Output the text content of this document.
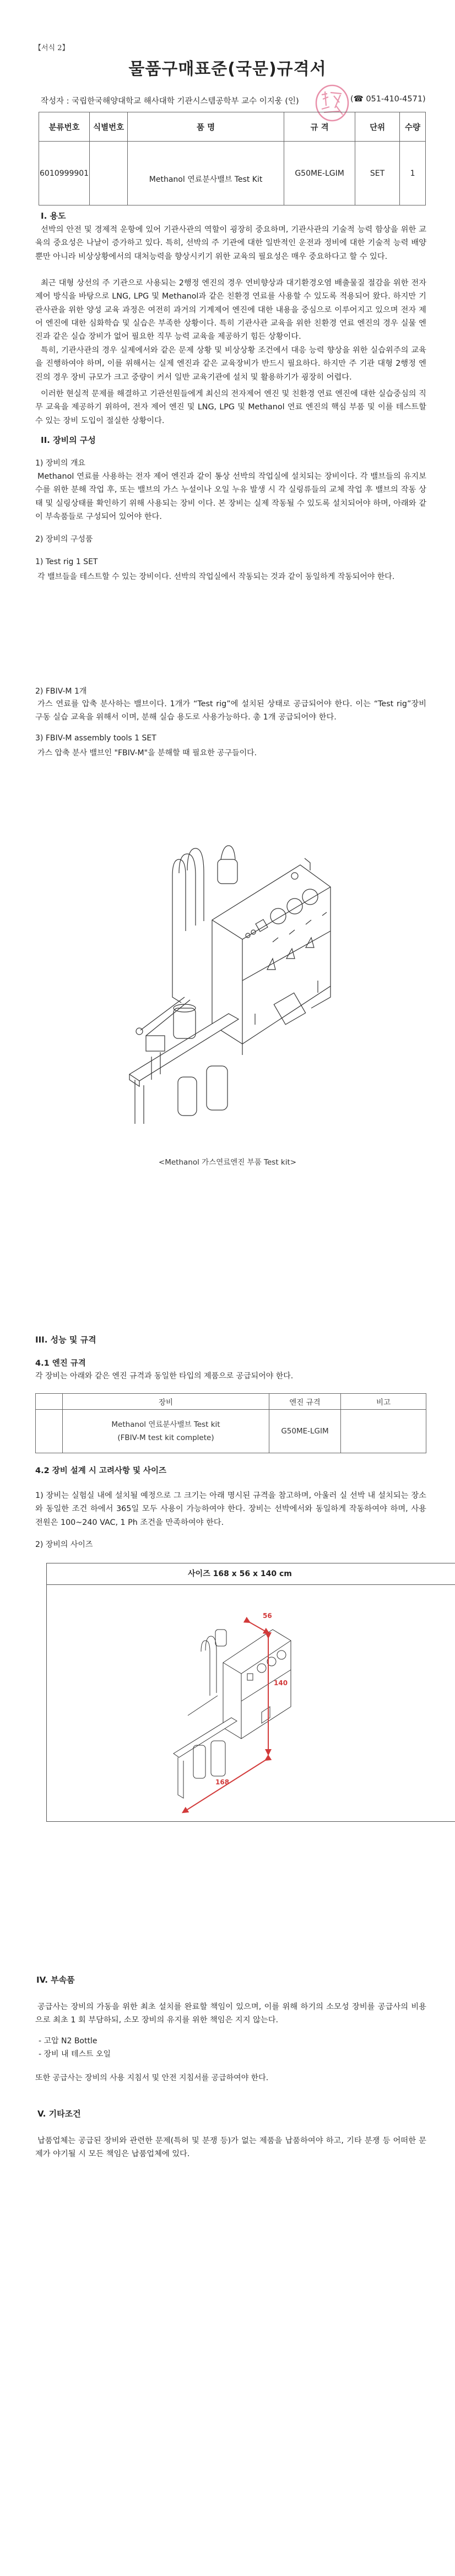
【서식 2】
물품구매표준(국문)규격서
작성자 : 국립한국해양대학교 해사대학 기관시스템공학부 교수 이지웅 (인)	(☎ 051-410-4571)
분류번호	식별번호	품 명	규 격	단위	수량
6010999901		Methanol 연료분사밸브 Test Kit	G50ME-LGIM	SET	1
I. 용도
선박의 안전 및 경제적 운항에 있어 기관사관의 역할이 굉장히 중요하며, 기관사관의 기술적 능력 함상을 위한 교육의 중요성은 나날이 증가하고 있다. 특히, 선박의 주 기관에 대한 일반적인 운전과 정비에 대한 기술적 능력 배양뿐만 아니라 비상상황에서의 대처능력을 향상시키기 위한 교육의 필요성은 매우 중요하다고 할 수 있다.
최근 대형 상선의 주 기관으로 사용되는 2행정 엔진의 경우 연비향상과 대기환경오염 배출물질 절감을 위한 전자제어 방식을 바탕으로 LNG, LPG 및 Methanol과 같은 친환경 연료를 사용할 수 있도록 적용되어 왔다. 하지만 기관사관을 위한 양성 교육 과정은 여전히 과거의 기계제어 엔진에 대한 내용을 중심으로 이루어지고 있으며 전자 제어 엔진에 대한 심화학습 및 실습은 부족한 상황이다. 특히 기관사관 교육을 위한 친환경 연료 엔진의 경우 실물 엔진과 같은 실습 장비가 없어 필요한 직무 능력 교육을 제공하기 힘든 상황이다.
특히, 기관사관의 경우 실제에서와 같은 문제 상황 및 비상상황 조건에서 대응 능력 향상을 위한 실습위주의 교육을 진행하여야 하며, 이를 위해서는 실제 엔진과 같은 교육장비가 반드시 필요하다. 하지만 주 기관 대형 2행정 엔진의 경우 장비 규모가 크고 중량이 커서 일반 교육기관에 설치 및 활용하기가 굉장히 어렵다.
이러한 현실적 문제를 해결하고 기관선원들에게 최신의 전자제어 엔진 및 친환경 연료 엔진에 대한 실습중심의 직무 교육을 제공하기 위하여, 전자 제어 엔진 및 LNG, LPG 및 Methanol 연료 엔진의 핵심 부품 및 이를 테스트할 수 있는 장비 도입이 절실한 상황이다.
II. 장비의 구성
1) 장비의 개요
Methanol 연료를 사용하는 전자 제어 엔진과 같이 통상 선박의 작업실에 설치되는 장비이다. 각 밸브들의 유지보수를 위한 분해 작업 후, 또는 밸브의 가스 누설이나 오일 누유 발생 시 각 실링류들의 교체 작업 후 밸브의 작동 상태 및 실링상태를 확인하기 위해 사용되는 장비 이다. 본 장비는 실제 작동될 수 있도록 설치되어야 하며, 아래와 같이 부속품들로 구성되어 있어야 한다.
2) 장비의 구성품
1) Test rig 1 SET
각 밸브들을 테스트할 수 있는 장비이다. 선박의 작업실에서 작동되는 것과 같이 동일하게 작동되어야 한다.
2) FBIV-M 1개
가스 연료를 압축 분사하는 밸브이다. 1개가 “Test rig”에 설치된 상태로 공급되어야 한다. 이는 “Test rig”장비 구동 실습 교육을 위해서 이며, 분해 실습 용도로 사용가능하다. 총 1개 공급되어야 한다.
3) FBIV-M assembly tools 1 SET
가스 압축 분사 밸브인 "FBIV-M"을 분해할 때 필요한 공구들이다.
<Methanol 가스연료엔진 부품 Test kit>
III. 성능 및 규격
4.1 엔진 규격
각 장비는 아래와 같은 엔진 규격과 동일한 타입의 제품으로 공급되어야 한다.
	장비	엔진 규격	비고

	Methanol 연료분사밸브 Test kit
(FBIV-M test kit complete)	G50ME-LGIM	
4.2 장비 설계 시 고려사항 및 사이즈
1) 장비는 실험실 내에 설치될 예정으로 그 크기는 아래 명시된 규격을 참고하며, 아울러 실 선박 내 설치되는 장소와 동일한 조건 하에서 365일 모두 사용이 가능하여야 한다. 장비는 선박에서와 동일하게 작동하여야 하며, 사용 전원은 100~240 VAC, 1 Ph 조건을 만족하여야 한다.
2) 장비의 사이즈
사이즈 168 x 56 x 140 cm
56
140
168
IV. 부속품
공급사는 장비의 가동을 위한 최초 설치를 완료할 책임이 있으며, 이를 위해 하기의 소모성 장비를 공급사의 비용으로 최초 1 회 부담하되, 소모 장비의 유지를 위한 책임은 지지 않는다.
- 고압 N2 Bottle
- 장비 내 테스트 오일
또한 공급사는 장비의 사용 지침서 및 안전 지침서를 공급하여야 한다.
V. 기타조건
납품업체는 공급된 장비와 관련한 문제(특허 및 분쟁 등)가 없는 제품을 납품하여야 하고, 기타 분쟁 등 어떠한 문제가 야기될 시 모든 책임은 납품업체에 있다.
